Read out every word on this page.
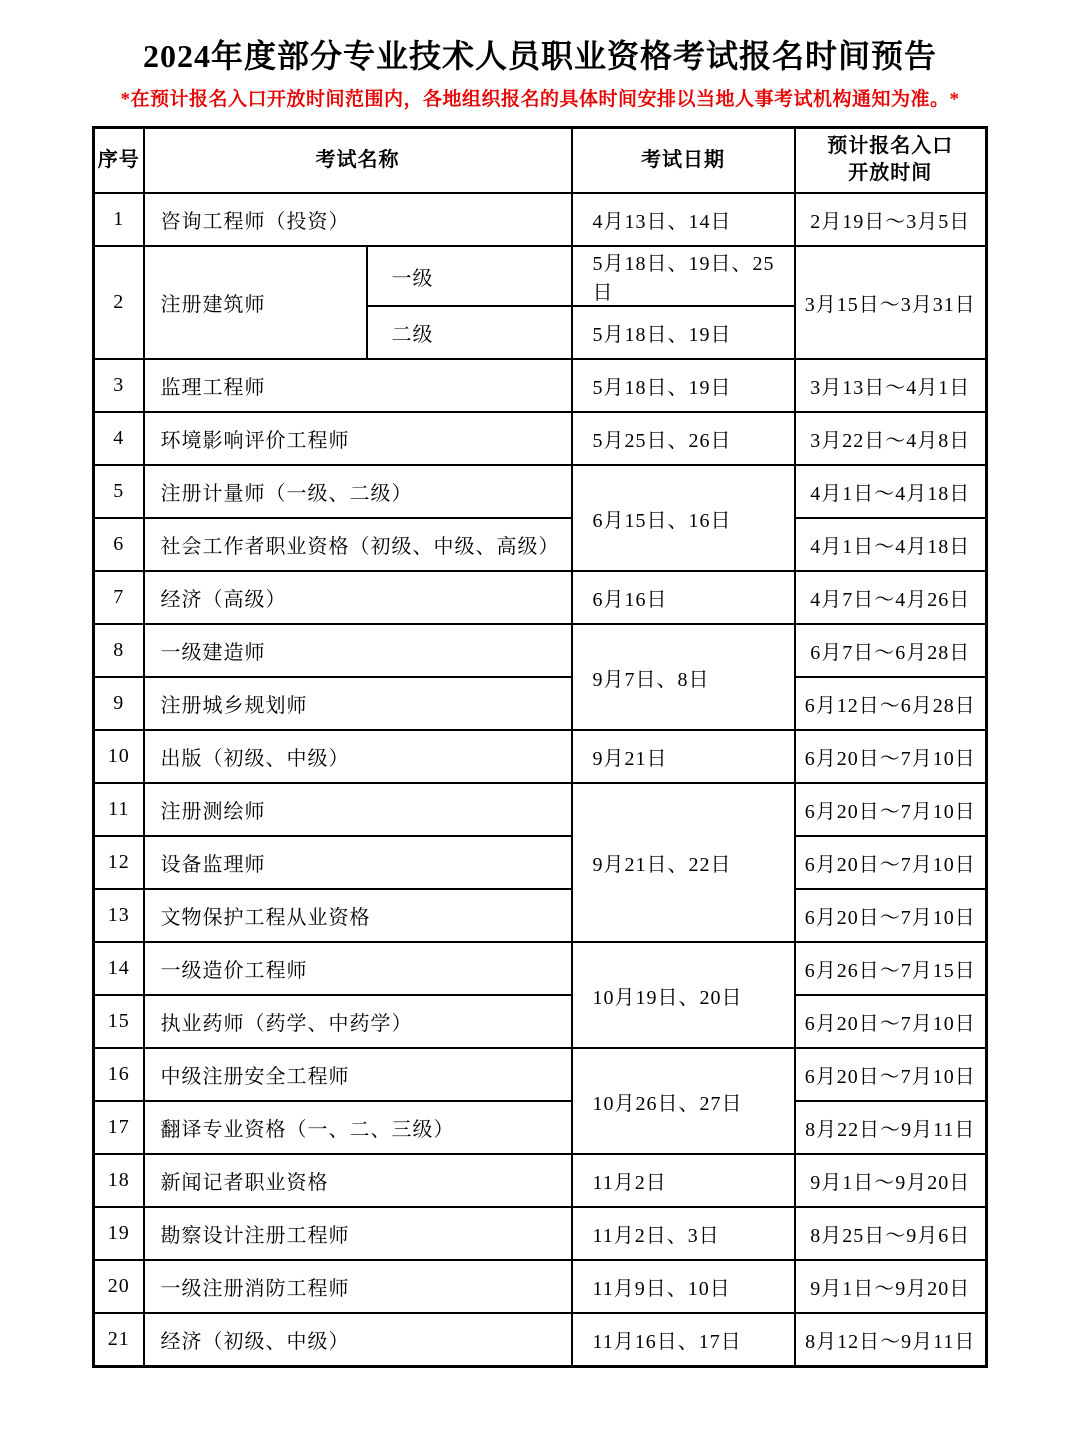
2024年度部分专业技术人员职业资格考试报名时间预告
*在预计报名入口开放时间范围内，各地组织报名的具体时间安排以当地人事考试机构通知为准。*
序号	考试名称		考试日期	预计报名入口
开放时间

1	咨询工程师（投资）		4月13日、14日	2月19日～3月5日
2	注册建筑师	一级	5月18日、19日、25日	3月15日～3月31日
		二级	5月18日、19日	
3	监理工程师		5月18日、19日	3月13日～4月1日
4	环境影响评价工程师		5月25日、26日	3月22日～4月8日
5	注册计量师（一级、二级）		6月15日、16日	4月1日～4月18日
6	社会工作者职业资格（初级、中级、高级）			4月1日～4月18日
7	经济（高级）		6月16日	4月7日～4月26日
8	一级建造师		9月7日、8日	6月7日～6月28日
9	注册城乡规划师			6月12日～6月28日
10	出版（初级、中级）		9月21日	6月20日～7月10日
11	注册测绘师		9月21日、22日	6月20日～7月10日
12	设备监理师			6月20日～7月10日
13	文物保护工程从业资格			6月20日～7月10日
14	一级造价工程师		10月19日、20日	6月26日～7月15日
15	执业药师（药学、中药学）			6月20日～7月10日
16	中级注册安全工程师		10月26日、27日	6月20日～7月10日
17	翻译专业资格（一、二、三级）			8月22日～9月11日
18	新闻记者职业资格		11月2日	9月1日～9月20日
19	勘察设计注册工程师		11月2日、3日	8月25日～9月6日
20	一级注册消防工程师		11月9日、10日	9月1日～9月20日
21	经济（初级、中级）		11月16日、17日	8月12日～9月11日
